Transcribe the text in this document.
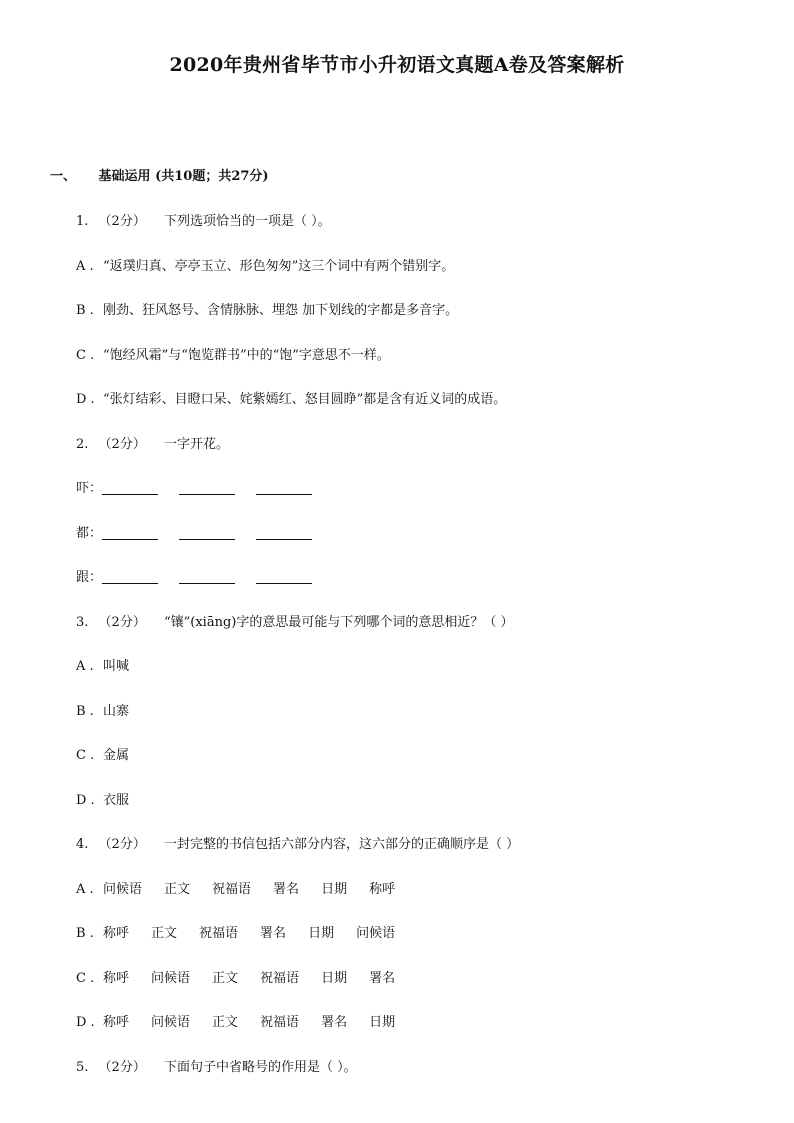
2020年贵州省毕节市小升初语文真题A卷及答案解析
一、 基础运用 (共10题；共27分)
1. （2分） 下列选项恰当的一项是（ ）。
A . “返璞归真、亭亭玉立、形色匆匆”这三个词中有两个错别字。
B . 刚劲、狂风怒号、含情脉脉、埋怨 加下划线的字都是多音字。
C . “饱经风霜”与“饱览群书”中的“饱”字意思不一样。
D . “张灯结彩、目瞪口呆、姹紫嫣红、怒目圆睁”都是含有近义词的成语。
2. （2分） 一字开花。
吓：
都：
跟：
3. （2分） “镶”(xiāng)字的意思最可能与下列哪个词的意思相近？（ ）
A . 叫喊
B . 山寨
C . 金属
D . 衣服
4. （2分） 一封完整的书信包括六部分内容，这六部分的正确顺序是（ ）
A . 问候语 正文 祝福语 署名 日期 称呼
B . 称呼 正文 祝福语 署名 日期 问候语
C . 称呼 问候语 正文 祝福语 日期 署名
D . 称呼 问候语 正文 祝福语 署名 日期
5. （2分） 下面句子中省略号的作用是（ ）。
